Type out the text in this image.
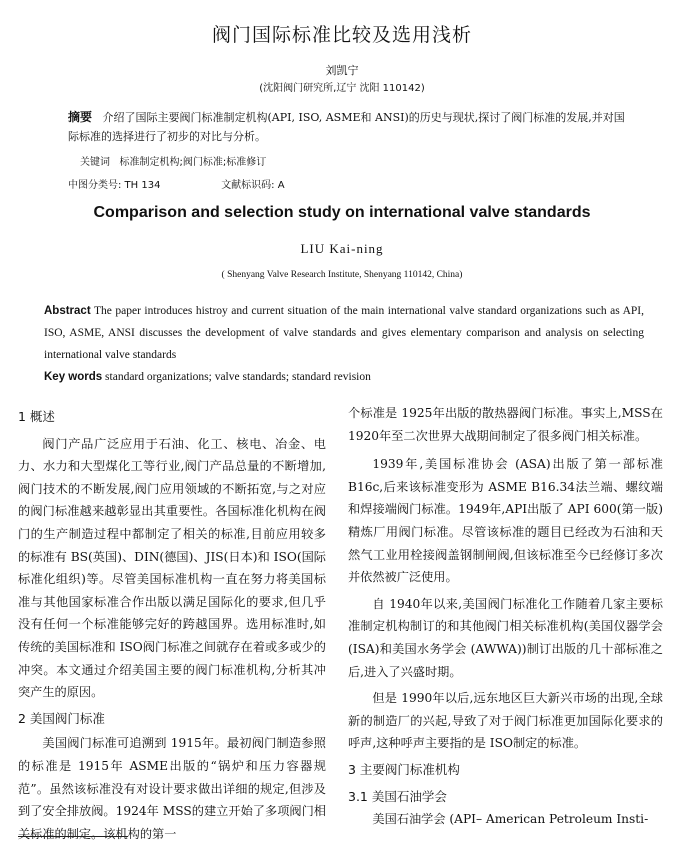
阀门国际标准比较及选用浅析
刘凯宁
(沈阳阀门研究所,辽宁 沈阳 110142)
摘要 介绍了国际主要阀门标准制定机构(API, ISO, ASME和 ANSI)的历史与现状,探讨了阀门标准的发展,并对国际标准的选择进行了初步的对比与分析。
关键词 标准制定机构;阀门标准;标准修订
中图分类号: TH 134	文献标识码: A
Comparison and selection study on international valve standards
LIU Kai-ning
( Shenyang Valve Research Institute, Shenyang 110142, China)
Abstract The paper introduces histroy and current situation of the main international valve standard organizations such as API, ISO, ASME, ANSI discusses the development of valve standards and gives elementary comparison and analysis on selecting international valve standards
Key words standard organizations; valve standards; standard revision
1 概述

阀门产品广泛应用于石油、化工、核电、冶金、电力、水力和大型煤化工等行业,阀门产品总量的不断增加,阀门技术的不断发展,阀门应用领域的不断拓宽,与之对应的阀门标准越来越彰显出其重要性。各国标准化机构在阀门的生产制造过程中都制定了相关的标准,目前应用较多的标准有 BS(英国)、DIN(德国)、JIS(日本)和 ISO(国际标准化组织)等。尽管美国标准机构一直在努力将美国标准与其他国家标准合作出版以满足国际化的要求,但几乎没有任何一个标准能够完好的跨越国界。选用标准时,如传统的美国标准和 ISO阀门标准之间就存在着或多或少的冲突。本文通过介绍美国主要的阀门标准机构,分析其冲突产生的原因。

2 美国阀门标准

美国阀门标准可追溯到 1915年。最初阀门制造参照的标准是 1915年 ASME出版的“锅炉和压力容器规范”。虽然该标准没有对设计要求做出详细的规定,但涉及到了安全排放阀。1924年 MSS的建立开始了多项阀门相关标准的制定。该机构的第一

个标准是 1925年出版的散热器阀门标准。事实上,MSS在 1920年至二次世界大战期间制定了很多阀门相关标准。

1939年,美国标准协会 (ASA)出版了第一部标准 B16c,后来该标准变形为 ASME B16.34法兰端、螺纹端和焊接端阀门标准。1949年,API出版了 API 600(第一版)精炼厂用阀门标准。尽管该标准的题目已经改为石油和天然气工业用栓接阀盖钢制闸阀,但该标准至今已经修订多次并依然被广泛使用。

自 1940年以来,美国阀门标准化工作随着几家主要标准制定机构制订的和其他阀门相关标准机构(美国仪器学会 (ISA)和美国水务学会 (AWWA))制订出版的几十部标准之后,进入了兴盛时期。

但是 1990年以后,远东地区巨大新兴市场的出现,全球新的制造厂的兴起,导致了对于阀门标准更加国际化要求的呼声,这种呼声主要指的是 ISO制定的标准。

3 主要阀门标准机构
3.1 美国石油学会

美国石油学会 (API– American Petroleum Insti-
